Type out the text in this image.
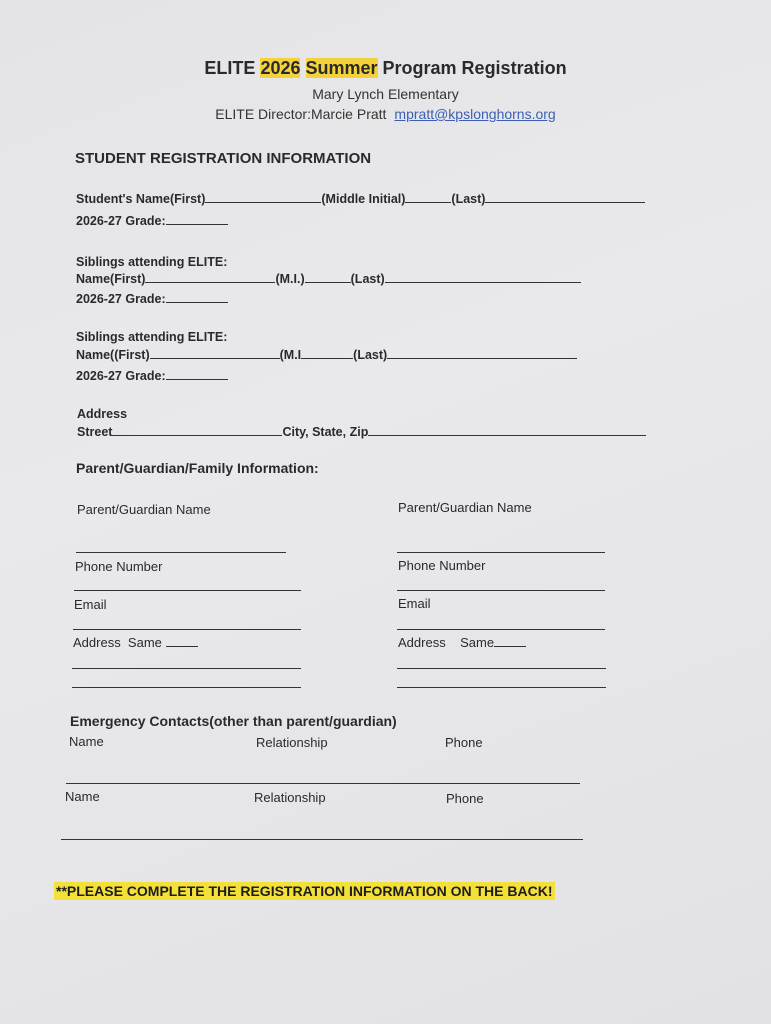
ELITE 2026 Summer Program Registration
Mary Lynch Elementary
ELITE Director:Marcie Pratt mpratt@kpslonghorns.org
STUDENT REGISTRATION INFORMATION
Student's Name(First)	(Middle Initial)	(Last)
2026-27 Grade:
Siblings attending ELITE:
Name(First)	(M.I.)	(Last)
2026-27 Grade:
Siblings attending ELITE:
Name((First)	(M.I	(Last)
2026-27 Grade:
Address
Street	City, State, Zip
Parent/Guardian/Family Information:
Parent/Guardian Name
Phone Number
Email
Address  Same
Parent/Guardian Name
Phone Number
Email
Address    Same
Emergency Contacts(other than parent/guardian)
Name	Relationship	Phone
Name	Relationship	Phone
**PLEASE COMPLETE THE REGISTRATION INFORMATION ON THE BACK!
